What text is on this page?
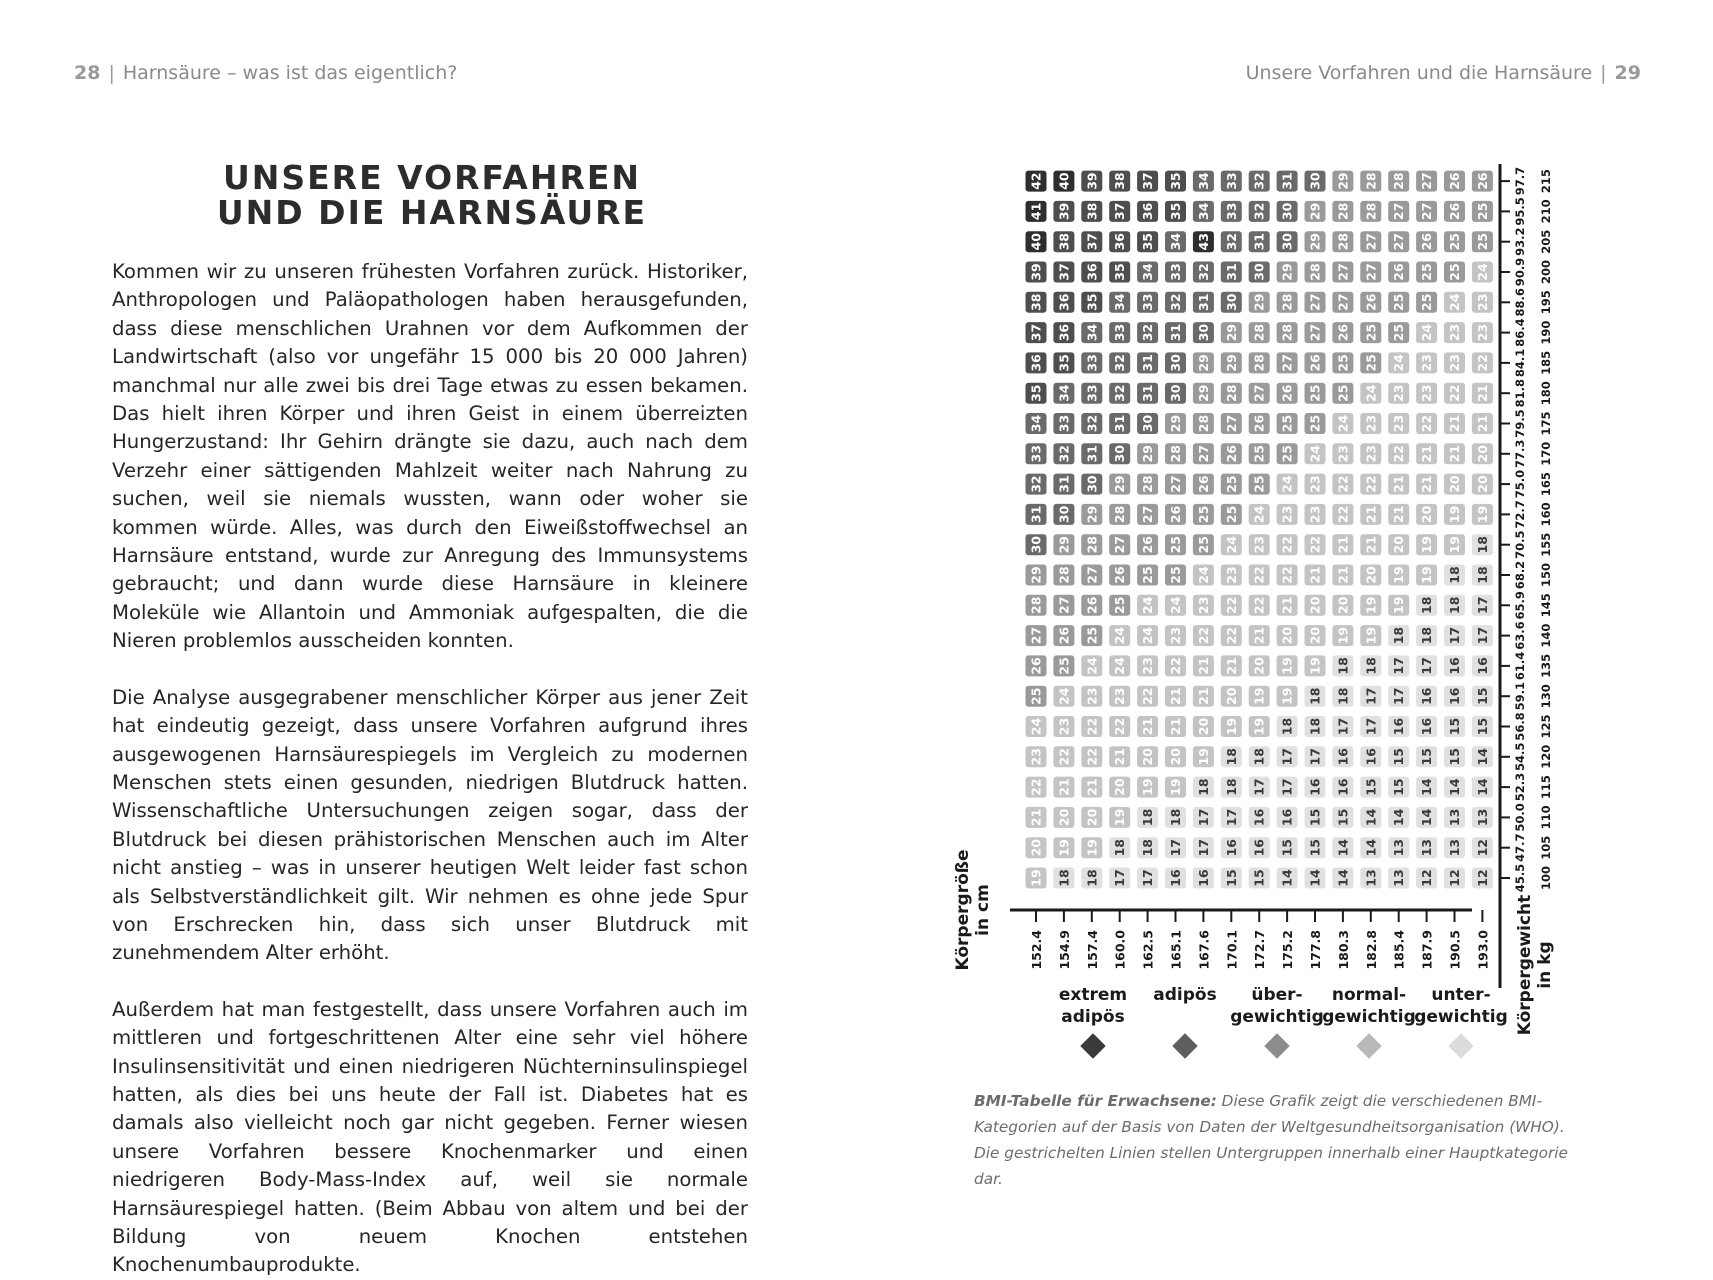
28 | Harnsäure – was ist das eigentlich?	Unsere Vorfahren und die Harnsäure | 29
UNSERE VORFAHREN
UND DIE HARNSÄURE

Kommen wir zu unseren frühesten Vorfahren zurück. Historiker, Anthropologen und Paläopathologen haben herausgefunden, dass diese menschlichen Urahnen vor dem Aufkommen der Landwirtschaft (also vor ungefähr 15 000 bis 20 000 Jahren) manchmal nur alle zwei bis drei Tage etwas zu essen bekamen. Das hielt ihren Körper und ihren Geist in einem überreizten Hungerzustand: Ihr Gehirn drängte sie dazu, auch nach dem Verzehr einer sättigenden Mahlzeit weiter nach Nahrung zu suchen, weil sie niemals wussten, wann oder woher sie kommen würde. Alles, was durch den Eiweißstoffwechsel an Harnsäure entstand, wurde zur Anregung des Immunsystems gebraucht; und dann wurde diese Harnsäure in kleinere Moleküle wie Allantoin und Ammoniak aufgespalten, die die Nieren problemlos ausscheiden konnten.

Die Analyse ausgegrabener menschlicher Körper aus jener Zeit hat eindeutig gezeigt, dass unsere Vorfahren aufgrund ihres ausgewogenen Harnsäurespiegels im Vergleich zu modernen Menschen stets einen gesunden, niedrigen Blutdruck hatten. Wissenschaftliche Untersuchungen zeigen sogar, dass der Blutdruck bei diesen prähistorischen Menschen auch im Alter nicht anstieg – was in unserer heutigen Welt leider fast schon als Selbstverständlichkeit gilt. Wir nehmen es ohne jede Spur von Erschrecken hin, dass sich unser Blutdruck mit zunehmendem Alter erhöht.

Außerdem hat man festgestellt, dass unsere Vorfahren auch im mittleren und fortgeschrittenen Alter eine sehr viel höhere Insulinsensitivität und einen niedrigeren Nüchterninsulinspiegel hatten, als dies bei uns heute der Fall ist. Diabetes hat es damals also vielleicht noch gar nicht gegeben. Ferner wiesen unsere Vorfahren bessere Knochenmarker und einen niedrigeren Body-Mass-Index auf, weil sie normale Harnsäurespiegel hatten. (Beim Abbau von altem und bei der Bildung von neuem Knochen entstehen Knochenumbauprodukte.

19 18 18 17 17 16 16 15 15 14 14 14 13 13 12 12 12
20 19 19 18 18 17 17 16 16 15 15 14 14 13 13 13 12
21 20 20 19 18 18 17 17 16 16 15 15 14 14 14 13 13
22 21 21 20 19 19 18 18 17 17 16 16 15 15 14 14 14
23 22 22 21 20 20 19 18 18 17 17 16 16 15 15 15 14
24 23 22 22 21 21 20 19 19 18 18 17 17 16 16 15 15
25 24 23 23 22 21 21 20 19 19 18 18 17 17 16 16 15
26 25 24 24 23 22 21 21 20 19 19 18 18 17 17 16 16
27 26 25 24 24 23 22 22 21 20 20 19 19 18 18 17 17
28 27 26 25 24 24 23 22 22 21 20 20 19 19 18 18 17
29 28 27 26 25 25 24 23 22 22 21 21 20 19 19 18 18
30 29 28 27 26 25 25 24 23 22 22 21 21 20 19 19 18
31 30 29 28 27 26 25 25 24 23 23 22 21 21 20 19 19
32 31 30 29 28 27 26 25 25 24 23 22 22 21 21 20 20
33 32 31 30 29 28 27 26 25 25 24 23 23 22 21 21 20
34 33 32 31 30 29 28 27 26 25 25 24 23 23 22 21 21
35 34 33 32 31 30 29 28 27 26 25 25 24 23 23 22 21
36 35 33 32 31 30 29 29 28 27 26 25 25 24 23 23 22
37 36 34 33 32 31 30 29 28 28 27 26 25 25 24 23 23
38 36 35 34 33 32 31 30 29 28 27 27 26 25 25 24 23
39 37 36 35 34 33 32 31 30 29 28 27 27 26 25 25 24
40 38 37 36 35 34 43 32 31 30 29 28 27 27 26 25 25
41 39 38 37 36 35 34 33 32 30 29 28 28 27 27 26 25
42 40 39 38 37 35 34 33 32 31 30 29 28 28 27 26 26
152.4 154.9 157.4 160.0 162.5 165.1 167.6 170.1 172.7 175.2 177.8 180.3 182.8 185.4 187.9 190.5 193.0
45.5 100
47.7 105
50.0 110
52.3 115
54.5 120
56.8 125
59.1 130
61.4 135
63.6 140
65.9 145
68.2 150
70.5 155
72.7 160
75.0 165
77.3 170
79.5 175
81.8 180
84.1 185
86.4 190
88.6 195
90.9 200
93.2 205
95.5 210
97.7 215
Körpergrößein cm	Körpergewichtin kg
extrem
adipös
adipös über-
gewichtig
normal-
gewichtig
unter-
gewichtig
BMI-Tabelle für Erwachsene: Diese Grafik zeigt die verschiedenen BMI-Kategorien auf der Basis von Daten der Weltgesundheitsorganisation (WHO). Die gestrichelten Linien stellen Untergruppen innerhalb einer Hauptkategorie dar.
